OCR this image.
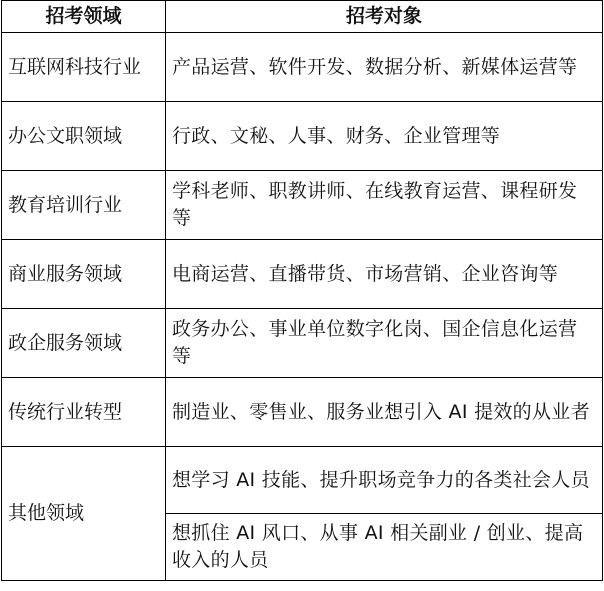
招考领域	招考对象
互联网科技行业	产品运营、软件开发、数据分析、新媒体运营等
办公文职领域	行政、文秘、人事、财务、企业管理等
教育培训行业	学科老师、职教讲师、在线教育运营、课程研发等
商业服务领域	电商运营、直播带货、市场营销、企业咨询等
政企服务领域	政务办公、事业单位数字化岗、国企信息化运营等
传统行业转型	制造业、零售业、服务业想引入 AI 提效的从业者
其他领域	想学习 AI 技能、提升职场竞争力的各类社会人员
	想抓住 AI 风口、从事 AI 相关副业 / 创业、提高收入的人员
